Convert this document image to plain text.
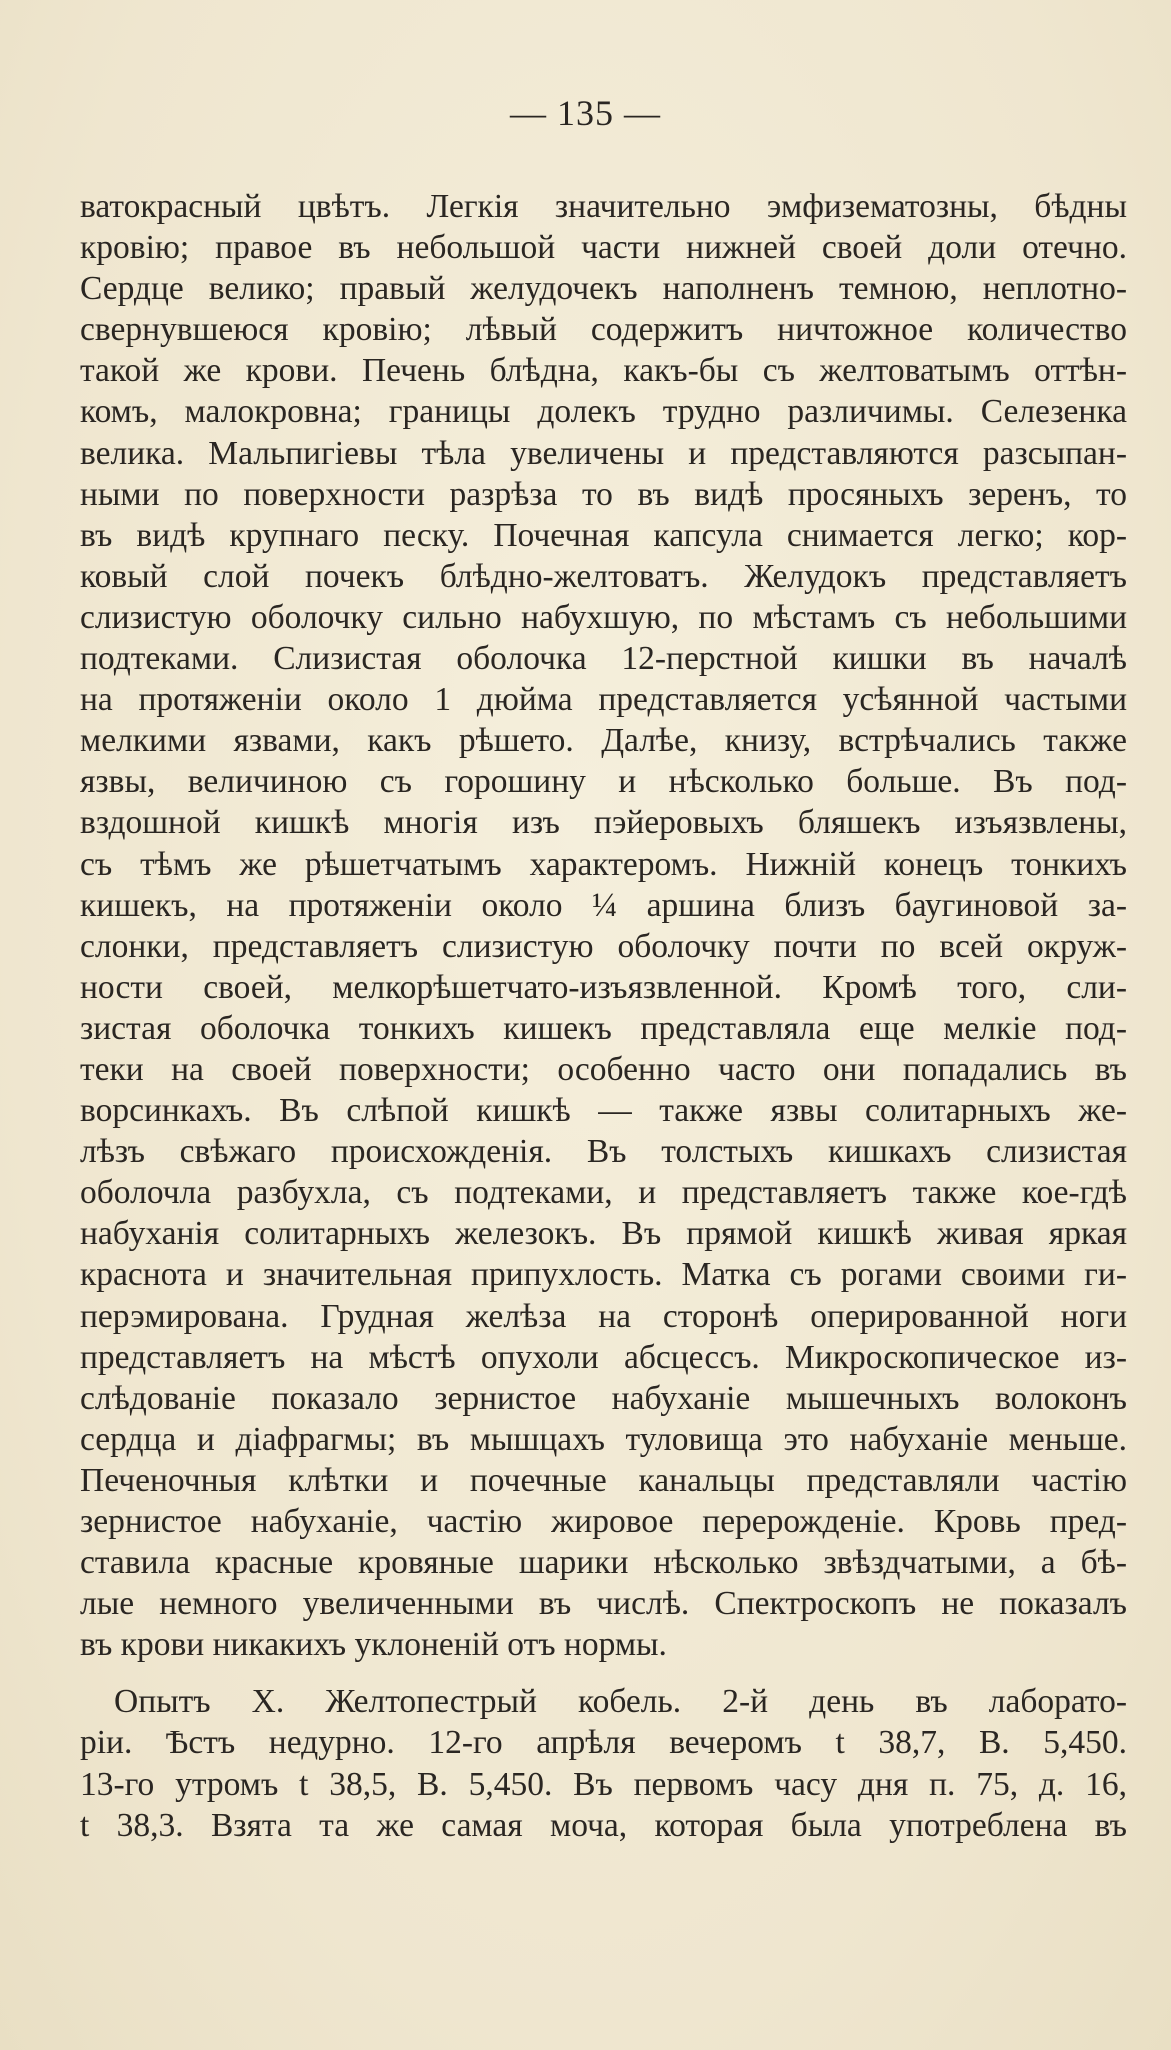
— 135 —
ватокрасный цвѣтъ. Легкія значительно эмфизематозны, бѣдны
кровію; правое въ небольшой части нижней своей доли отечно.
Сердце велико; правый желудочекъ наполненъ темною, неплотно-
свернувшеюся кровію; лѣвый содержитъ ничтожное количество
такой же крови. Печень блѣдна, какъ-бы съ желтоватымъ оттѣн-
комъ, малокровна; границы долекъ трудно различимы. Селезенка
велика. Мальпигіевы тѣла увеличены и представляются разсыпан-
ными по поверхности разрѣза то въ видѣ просяныхъ зеренъ, то
въ видѣ крупнаго песку. Почечная капсула снимается легко; кор-
ковый слой почекъ блѣдно-желтоватъ. Желудокъ представляетъ
слизистую оболочку сильно набухшую, по мѣстамъ съ небольшими
подтеками. Слизистая оболочка 12-перстной кишки въ началѣ
на протяженіи около 1 дюйма представляется усѣянной частыми
мелкими язвами, какъ рѣшето. Далѣе, книзу, встрѣчались также
язвы, величиною съ горошину и нѣсколько больше. Въ под-
вздошной кишкѣ многія изъ пэйеровыхъ бляшекъ изъязвлены,
съ тѣмъ же рѣшетчатымъ характеромъ. Нижній конецъ тонкихъ
кишекъ, на протяженіи около ¼ аршина близъ баугиновой за-
слонки, представляетъ слизистую оболочку почти по всей окруж-
ности своей, мелкорѣшетчато-изъязвленной. Кромѣ того, сли-
зистая оболочка тонкихъ кишекъ представляла еще мелкіе под-
теки на своей поверхности; особенно часто они попадались въ
ворсинкахъ. Въ слѣпой кишкѣ — также язвы солитарныхъ же-
лѣзъ свѣжаго происхожденія. Въ толстыхъ кишкахъ слизистая
оболочла разбухла, съ подтеками, и представляетъ также кое-гдѣ
набуханія солитарныхъ железокъ. Въ прямой кишкѣ живая яркая
краснота и значительная припухлость. Матка съ рогами своими ги-
перэмирована. Грудная желѣза на сторонѣ оперированной ноги
представляетъ на мѣстѣ опухоли абсцессъ. Микроскопическое из-
слѣдованіе показало зернистое набуханіе мышечныхъ волоконъ
сердца и діафрагмы; въ мышцахъ туловища это набуханіе меньше.
Печеночныя клѣтки и почечные канальцы представляли частію
зернистое набуханіе, частію жировое перерожденіе. Кровь пред-
ставила красные кровяные шарики нѣсколько звѣздчатыми, а бѣ-
лые немного увеличенными въ числѣ. Спектроскопъ не показалъ
въ крови никакихъ уклоненій отъ нормы.
Опытъ X. Желтопестрый кобель. 2-й день въ лаборато-
ріи. Ѣстъ недурно. 12-го апрѣля вечеромъ t 38,7, В. 5,450.
13-го утромъ t 38,5, В. 5,450. Въ первомъ часу дня п. 75, д. 16,
t 38,3. Взята та же самая моча, которая была употреблена въ
